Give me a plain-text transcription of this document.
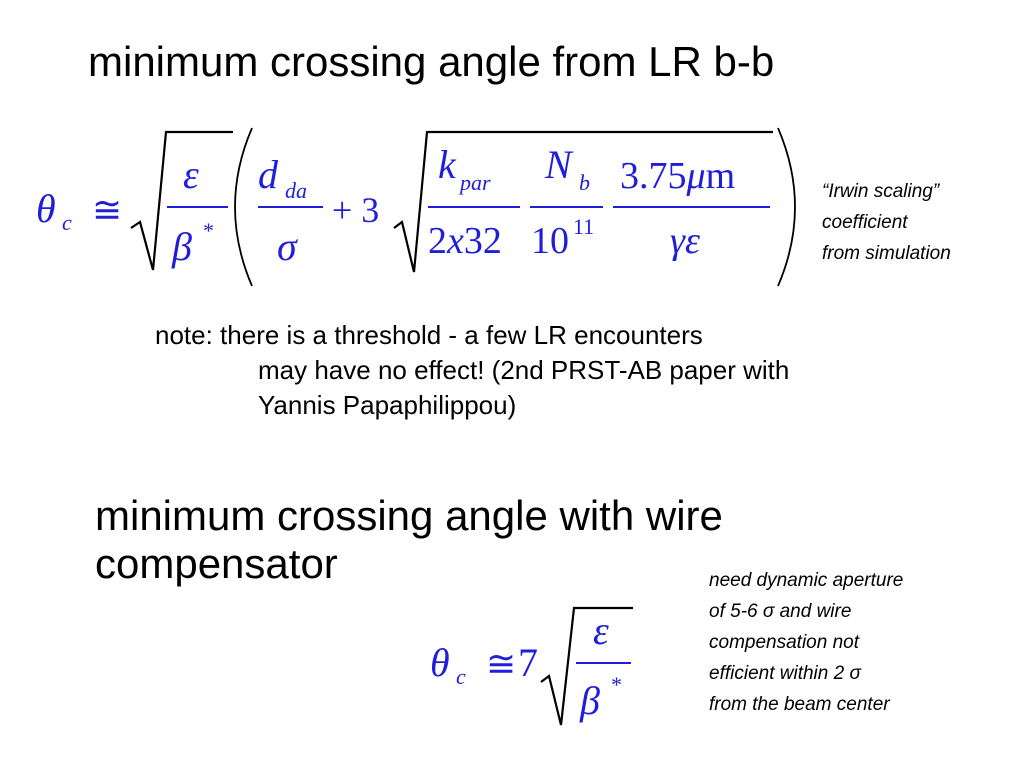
minimum crossing angle from LR b-b
θ c ≅
ε
β *
d da
σ
+ 3
k par
2x32
N b
10 11
3.75μm
γε
“Irwin scaling”
coefficient
from simulation
note: there is a threshold - a few LR encounters
may have no effect! (2nd PRST-AB paper with
Yannis Papaphilippou)
minimum crossing angle with wire
compensator
θ c ≅ 7
ε
β *
need dynamic aperture
of 5-6 σ and wire
compensation not
efficient within 2 σ
from the beam center
